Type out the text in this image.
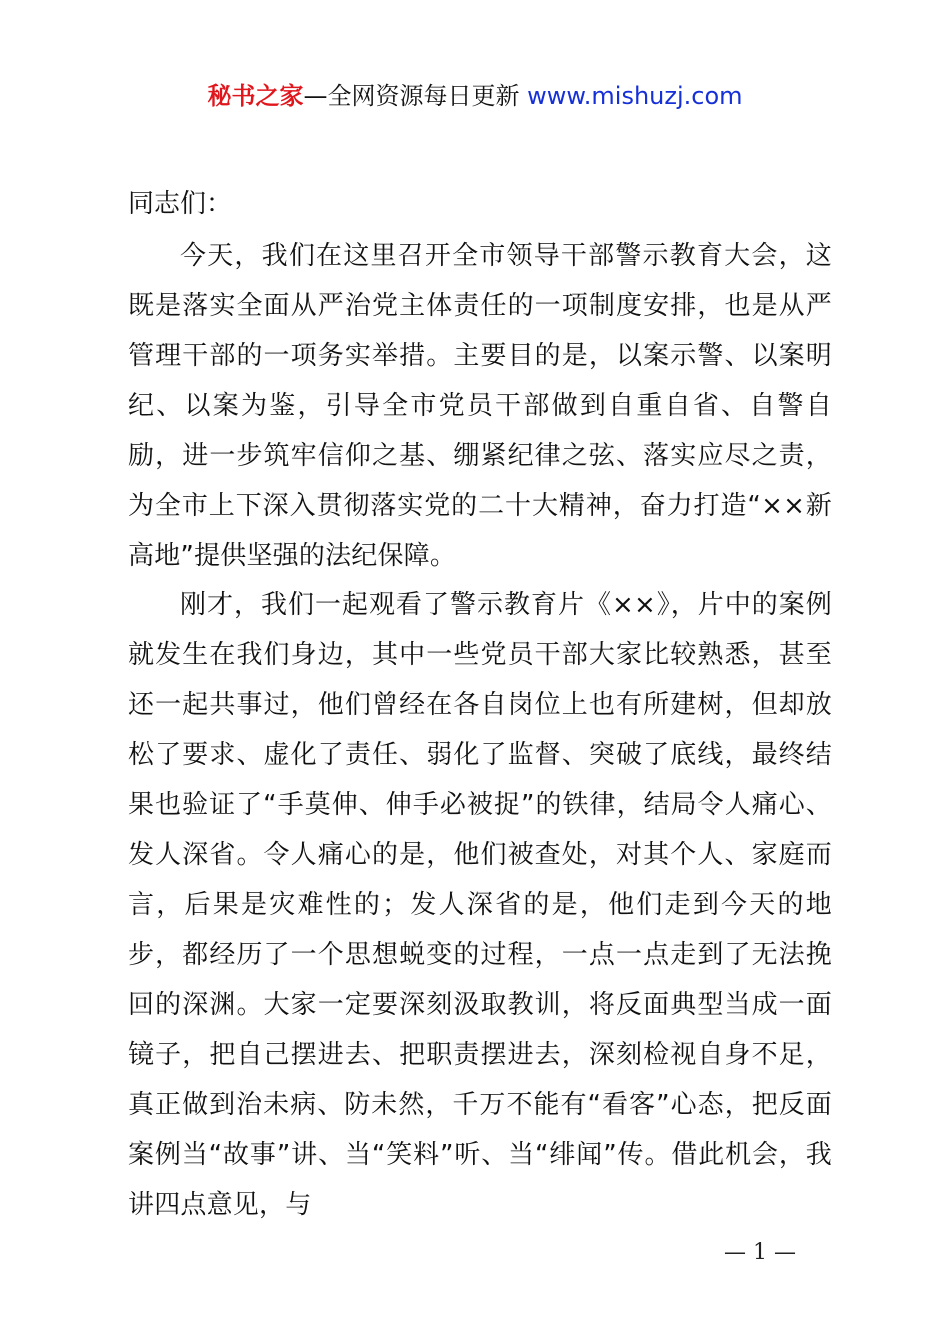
秘书之家—全网资源每日更新 www.mishuzj.com
同志们：

今天，我们在这里召开全市领导干部警示教育大会，这既是落实全面从严治党主体责任的一项制度安排，也是从严管理干部的一项务实举措。主要目的是，以案示警、以案明纪、以案为鉴，引导全市党员干部做到自重自省、自警自励，进一步筑牢信仰之基、绷紧纪律之弦、落实应尽之责，为全市上下深入贯彻落实党的二十大精神，奋力打造“××新高地”提供坚强的法纪保障。

刚才，我们一起观看了警示教育片《××》，片中的案例就发生在我们身边，其中一些党员干部大家比较熟悉，甚至还一起共事过，他们曾经在各自岗位上也有所建树，但却放松了要求、虚化了责任、弱化了监督、突破了底线，最终结果也验证了“手莫伸、伸手必被捉”的铁律，结局令人痛心、发人深省。令人痛心的是，他们被查处，对其个人、家庭而言，后果是灾难性的；发人深省的是，他们走到今天的地步，都经历了一个思想蜕变的过程，一点一点走到了无法挽回的深渊。大家一定要深刻汲取教训，将反面典型当成一面镜子，把自己摆进去、把职责摆进去，深刻检视自身不足，真正做到治未病、防未然，千万不能有“看客”心态，把反面案例当“故事”讲、当“笑料”听、当“绯闻”传。借此机会，我讲四点意见，与

— 1 —
